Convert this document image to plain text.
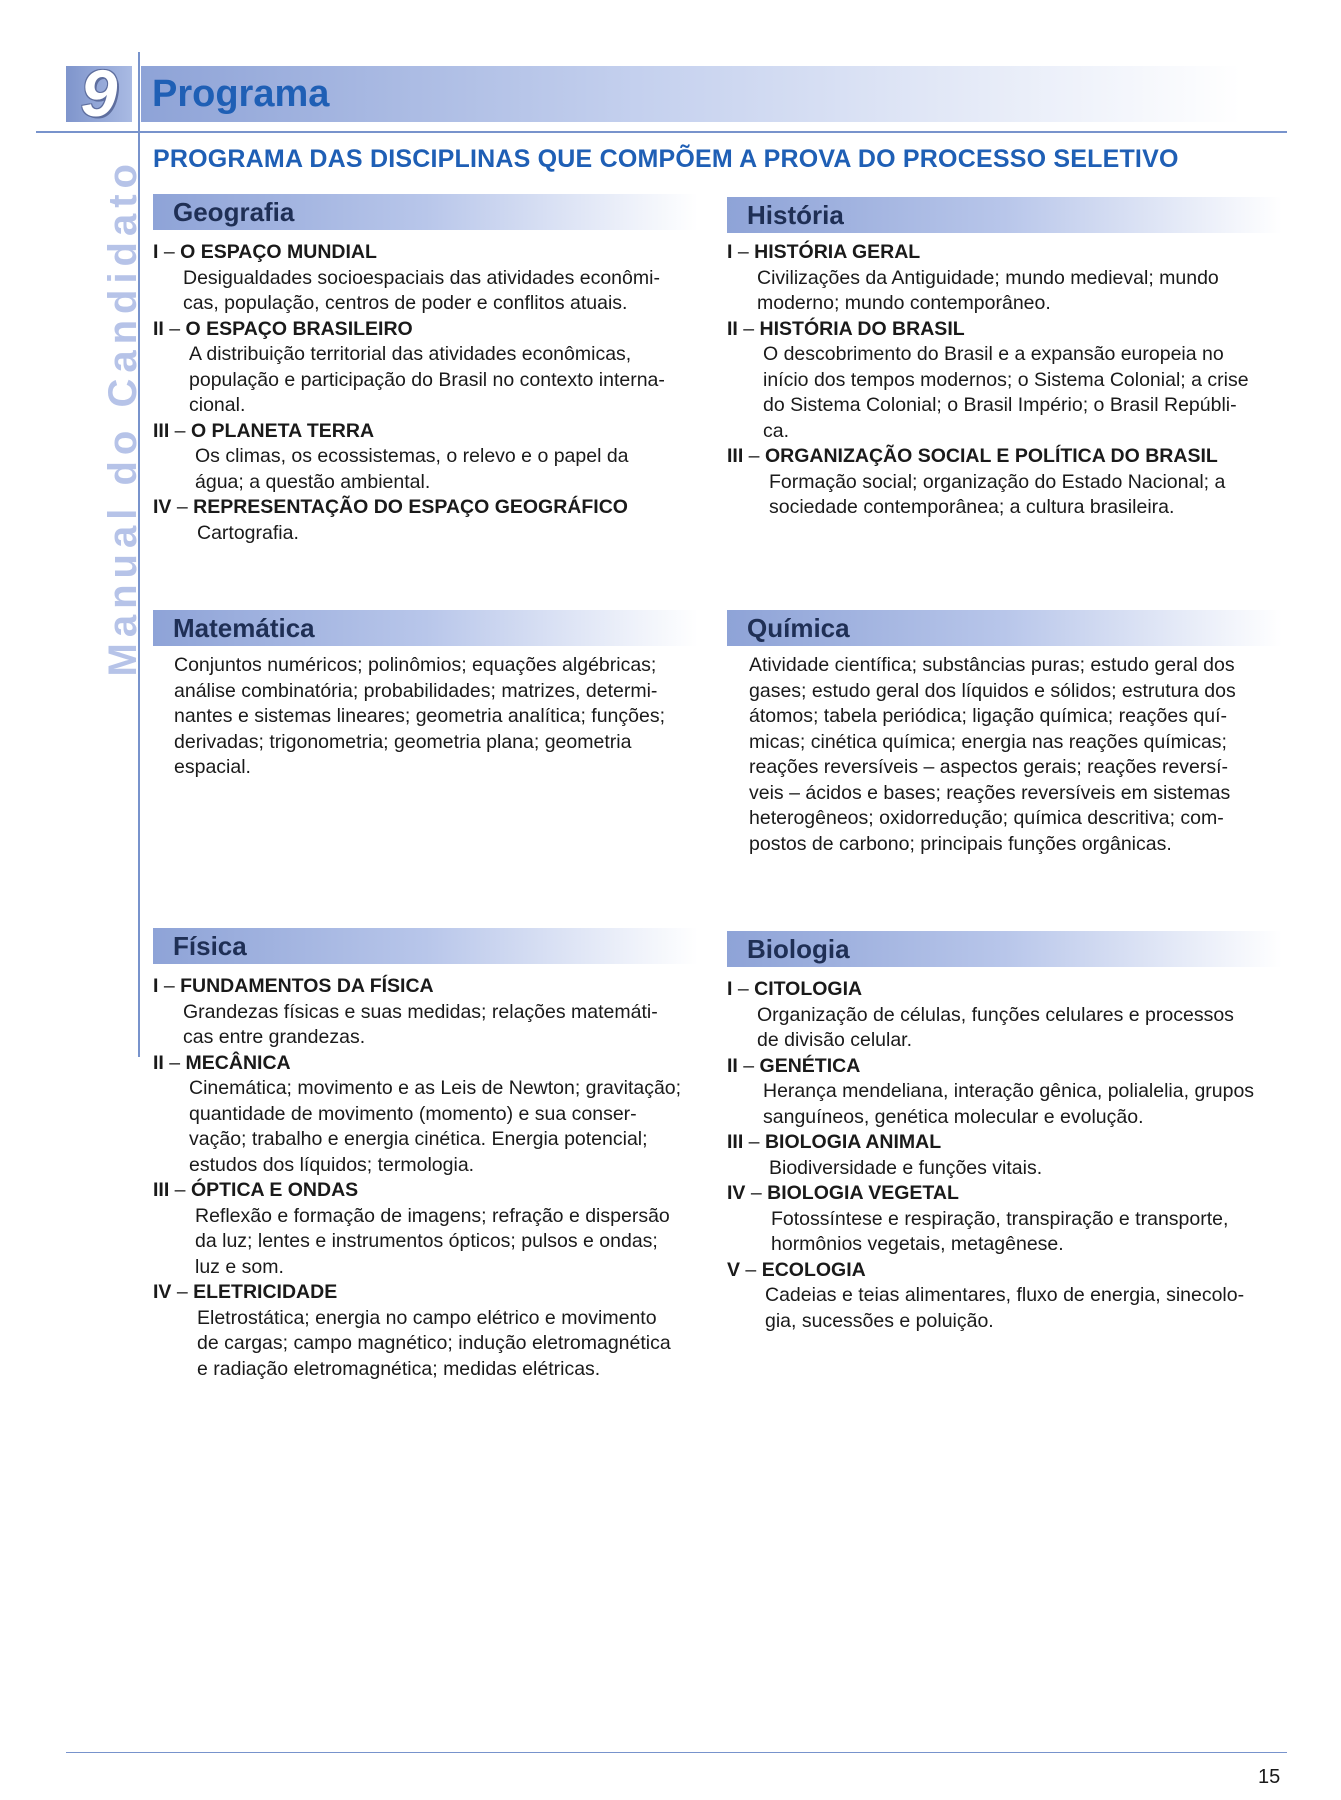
9 Programa
Manual do Candidato PROGRAMA DAS DISCIPLINAS QUE COMPÕEM A PROVA DO PROCESSO SELETIVO
Geografia
I – O ESPAÇO MUNDIAL

Desigualdades socioespaciais das atividades econômi-

cas, população, centros de poder e conflitos atuais.

II – O ESPAÇO BRASILEIRO

A distribuição territorial das atividades econômicas,

população e participação do Brasil no contexto interna-

cional.

III – O PLANETA TERRA

Os climas, os ecossistemas, o relevo e o papel da

água; a questão ambiental.

IV – REPRESENTAÇÃO DO ESPAÇO GEOGRÁFICO

Cartografia.

História
I – HISTÓRIA GERAL

Civilizações da Antiguidade; mundo medieval; mundo

moderno; mundo contemporâneo.

II – HISTÓRIA DO BRASIL

O descobrimento do Brasil e a expansão europeia no

início dos tempos modernos; o Sistema Colonial; a crise

do Sistema Colonial; o Brasil Império; o Brasil Repúbli-

ca.

III – ORGANIZAÇÃO SOCIAL E POLÍTICA DO BRASIL

Formação social; organização do Estado Nacional; a

sociedade contemporânea; a cultura brasileira.

Matemática

Conjuntos numéricos; polinômios; equações algébricas;

análise combinatória; probabilidades; matrizes, determi-

nantes e sistemas lineares; geometria analítica; funções;

derivadas; trigonometria; geometria plana; geometria

espacial.

Química

Atividade científica; substâncias puras; estudo geral dos

gases; estudo geral dos líquidos e sólidos; estrutura dos

átomos; tabela periódica; ligação química; reações quí-

micas; cinética química; energia nas reações químicas;

reações reversíveis – aspectos gerais; reações reversí-

veis – ácidos e bases; reações reversíveis em sistemas

heterogêneos; oxidorredução; química descritiva; com-

postos de carbono; principais funções orgânicas.

Física
I – FUNDAMENTOS DA FÍSICA

Grandezas físicas e suas medidas; relações matemáti-

cas entre grandezas.

II – MECÂNICA

Cinemática; movimento e as Leis de Newton; gravitação;

quantidade de movimento (momento) e sua conser-

vação; trabalho e energia cinética. Energia potencial;

estudos dos líquidos; termologia.

III – ÓPTICA E ONDAS

Reflexão e formação de imagens; refração e dispersão

da luz; lentes e instrumentos ópticos; pulsos e ondas;

luz e som.

IV – ELETRICIDADE

Eletrostática; energia no campo elétrico e movimento

de cargas; campo magnético; indução eletromagnética

e radiação eletromagnética; medidas elétricas.

Biologia
I – CITOLOGIA

Organização de células, funções celulares e processos

de divisão celular.

II – GENÉTICA

Herança mendeliana, interação gênica, polialelia, grupos

sanguíneos, genética molecular e evolução.

III – BIOLOGIA ANIMAL

Biodiversidade e funções vitais.

IV – BIOLOGIA VEGETAL

Fotossíntese e respiração, transpiração e transporte,

hormônios vegetais, metagênese.

V – ECOLOGIA

Cadeias e teias alimentares, fluxo de energia, sinecolo-

gia, sucessões e poluição.

15
